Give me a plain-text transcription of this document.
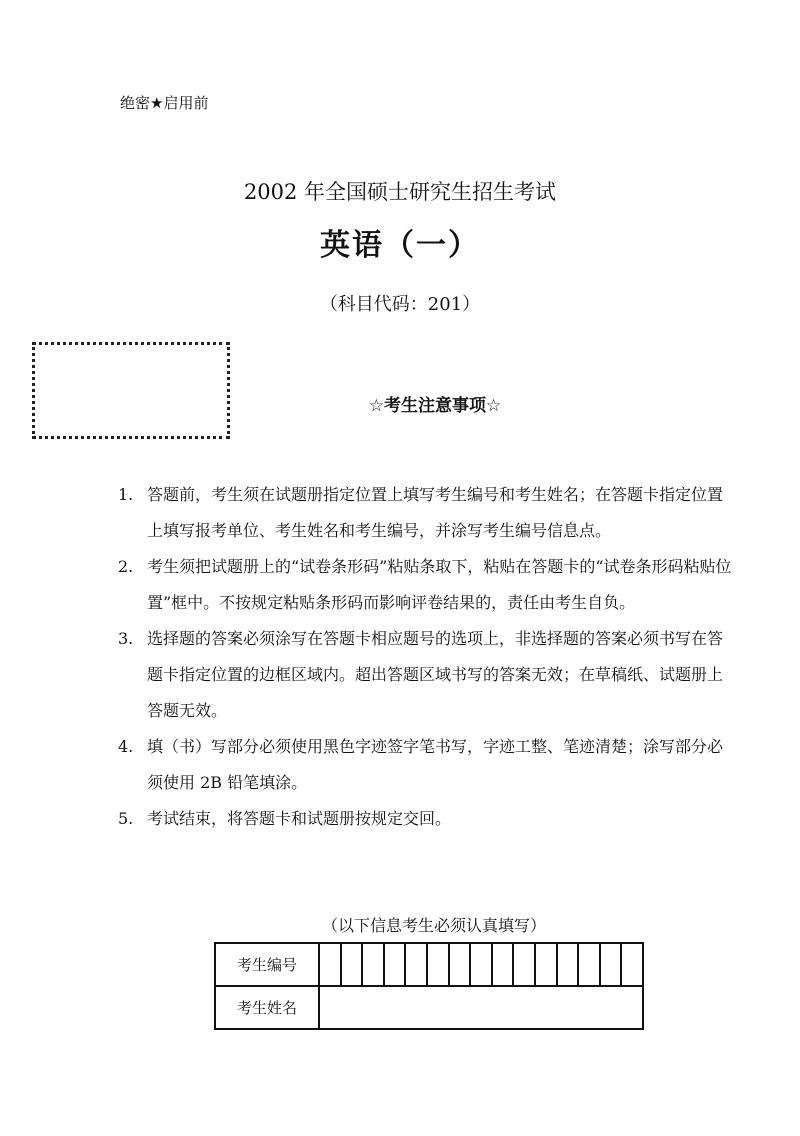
绝密★启用前
2002 年全国硕士研究生招生考试
英语（一）
（科目代码：201）
☆考生注意事项☆
1. 答题前，考生须在试题册指定位置上填写考生编号和考生姓名；在答题卡指定位置上填写报考单位、考生姓名和考生编号，并涂写考生编号信息点。
2. 考生须把试题册上的“试卷条形码”粘贴条取下，粘贴在答题卡的“试卷条形码粘贴位置”框中。不按规定粘贴条形码而影响评卷结果的，责任由考生自负。
3. 选择题的答案必须涂写在答题卡相应题号的选项上，非选择题的答案必须书写在答题卡指定位置的边框区域内。超出答题区域书写的答案无效；在草稿纸、试题册上答题无效。
4. 填（书）写部分必须使用黑色字迹签字笔书写，字迹工整、笔迹清楚；涂写部分必须使用 2B 铅笔填涂。
5. 考试结束，将答题卡和试题册按规定交回。
（以下信息考生必须认真填写）
考生编号															
考生姓名															
